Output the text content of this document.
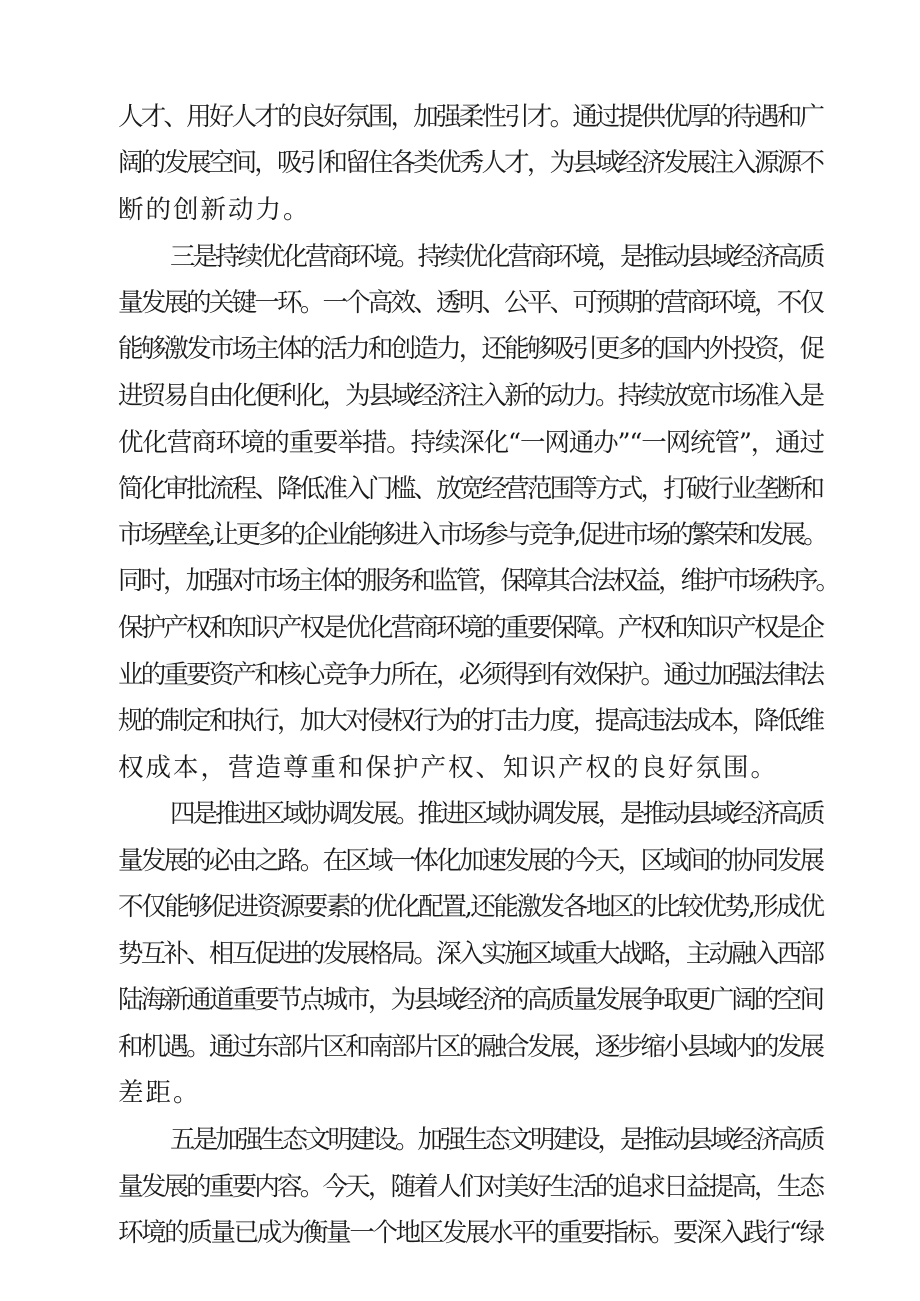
人才、用好人才的良好氛围，加强柔性引才。通过提供优厚的待遇和广
阔的发展空间，吸引和留住各类优秀人才，为县域经济发展注入源源不
断的创新动力。
三是持续优化营商环境。持续优化营商环境，是推动县域经济高质
量发展的关键一环。一个高效、透明、公平、可预期的营商环境，不仅
能够激发市场主体的活力和创造力，还能够吸引更多的国内外投资，促
进贸易自由化便利化，为县域经济注入新的动力。持续放宽市场准入是
优化营商环境的重要举措。持续深化“一网通办”“一网统管”，通过
简化审批流程、降低准入门槛、放宽经营范围等方式，打破行业垄断和
市场壁垒,让更多的企业能够进入市场参与竞争,促进市场的繁荣和发展。
同时，加强对市场主体的服务和监管，保障其合法权益，维护市场秩序。
保护产权和知识产权是优化营商环境的重要保障。产权和知识产权是企
业的重要资产和核心竞争力所在，必须得到有效保护。通过加强法律法
规的制定和执行，加大对侵权行为的打击力度，提高违法成本，降低维
权成本，营造尊重和保护产权、知识产权的良好氛围。
四是推进区域协调发展。推进区域协调发展，是推动县域经济高质
量发展的必由之路。在区域一体化加速发展的今天，区域间的协同发展
不仅能够促进资源要素的优化配置,还能激发各地区的比较优势,形成优
势互补、相互促进的发展格局。深入实施区域重大战略，主动融入西部
陆海新通道重要节点城市，为县域经济的高质量发展争取更广阔的空间
和机遇。通过东部片区和南部片区的融合发展，逐步缩小县域内的发展
差距。
五是加强生态文明建设。加强生态文明建设，是推动县域经济高质
量发展的重要内容。今天，随着人们对美好生活的追求日益提高，生态
环境的质量已成为衡量一个地区发展水平的重要指标。要深入践行“绿
